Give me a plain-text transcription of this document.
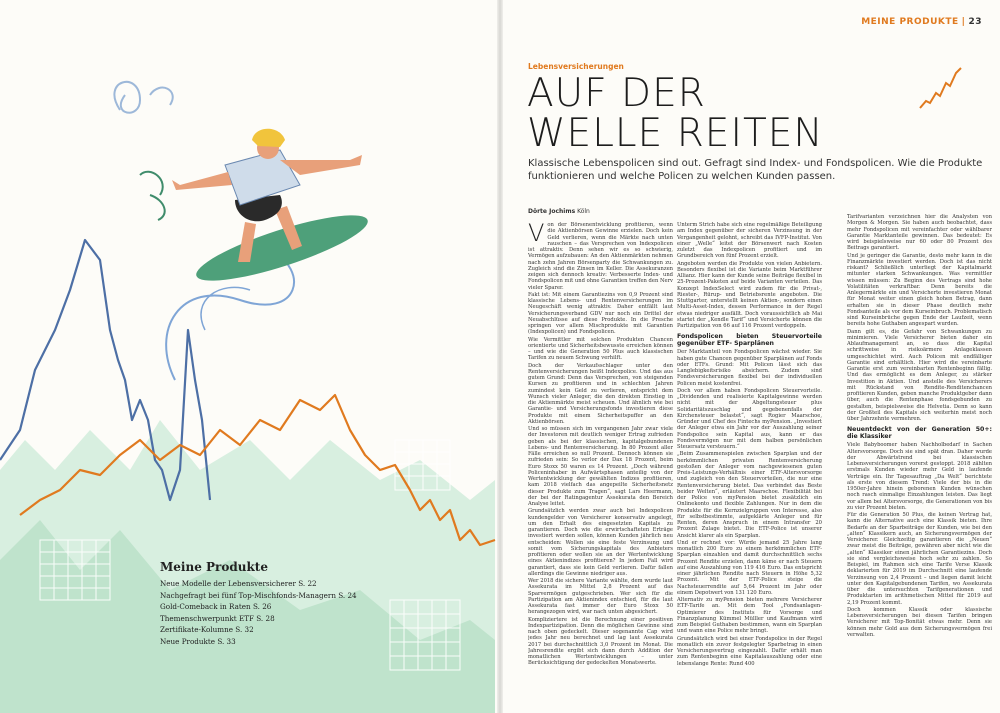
Meine Produkte
Neue Modelle der Lebensversicherer S. 22
Nachgefragt bei fünf Top-Mischfonds-Managern S. 24
Gold-Comeback in Raten S. 26
Themenschwerpunkt ETF S. 28
Zertifikate-Kolumne S. 32
Neue Produkte S. 33
MEINE PRODUKTE | 23
Lebensversicherungen
AUF DER
WELLE REITEN
Klassische Lebenspolicen sind out. Gefragt sind Index- und Fondspolicen. Wie die Produkte funktionieren und welche Policen zu welchen Kunden passen.
Dörte Jochims Köln
V on der Börsenentwicklung profitieren, wenn die Aktienbörsen Gewinne erzielen. Doch kein Geld verlieren, wenn die Märkte nach unten rauschen – das Versprechen von Indexpolicen ist attraktiv. Denn sehen wir es so schwierig, Vermögen aufzubauen: An den Aktienmärkten nehmen nach zehn Jahren Börsenparty die Schwankungen zu. Zugleich sind die Zinsen im Keller. Die Assekuranzen zeigen sich dennoch kreativ: Verbesserte Index- und Fondspolicen mit und ohne Garantien treffen den Nerv vieler Sparer.

Fakt ist: Mit einem Garantiezins von 0,9 Prozent sind klassische Lebens- und Rentenversicherungen im Neugeschäft wenig attraktiv. Daher entfällt laut Versicherungsverband GDV nur noch ein Drittel der Neuabschlüsse auf diese Produkte. In die Presche springen vor allem Mischprodukte mit Garantien (Indexpolicen) und Fondspolicen.

Wie Vermittler mit solchen Produkten Chancen orientierte und Sicherheitsbewusste erreichen können – und wie die Generation 50 Plus auch klassischen Tarifen zu neuem Schwung verhilft.

Doch der Verkaufsschlager unter den Rentenversicherungen heißt Indexpolice. Und das aus gutem Grund: Denn das Versprechen, von steigenden Kursen zu profitieren und in schlechten Jahren zumindest kein Geld zu verlieren, entspricht dem Wunsch vieler Anleger, die den direkten Einstieg in die Aktienmärkte meist scheuen. Und ähnlich wie bei Garantie- und Versicherungsfonds investieren diese Produkte mit einem Sicherheitspuffer an den Aktienbörsen.

Und so müssen sich im vergangenen Jahr zwar viele der Investoren mit deutlich weniger Ertrag zufrieden geben als bei der klassischen, kapitalgebundenen Lebens- und Rentenversicherung. In 80 Prozent aller Fälle erreichen so null Prozent. Dennoch können sie zufrieden sein: So verlor der Dax 18 Prozent, beim Euro Stoxx 50 waren es 14 Prozent. „Doch während Policeninhaber in Aufwärtsphasen anteilig von der Wertentwicklung der gewählten Indizes profitieren, kam 2018 vielfach das angepeilte Sicherheitsnetz dieser Produkte zum Tragen“, sagt Lars Heermann, der bei der Ratingagentur Assekurata den Bereich Analyse leitet.

Grundsätzlich werden zwar auch bei Indexpolicen kundengelder von Versicherer konservativ angelegt, um den Erhalt des eingesetzten Kapitals zu garantieren. Doch wie die erwirtschafteten Erträge investiert werden sollen, können Kunden jährlich neu entscheiden: Wollen sie eine feste Verzinsung und somit vom Sicherungskapitals des Anbieters profitieren oder wollen sie an der Wertentwicklung eines Aktienindizes profitieren? In jedem Fall wird garantiert, dass sie kein Geld verlieren. Dafür fallen allerdings die Gewinne niedriger aus.

Wer 2018 die sichere Variante wählte, dem wurde laut Assekurata im Mittel 2,8 Prozent auf das Sparvermögen gutgeschrieben. Wer sich für die Partizipation am Aktienindex entschied, für die laut Assekurata fast immer der Euro Stoxx 50 herangezogen wird, war nach unten abgesichert.

Kompliziertere ist die Berechnung einer positiven Indexpartizipation. Denn die möglichen Gewinne sind nach oben gedeckelt. Dieser sogenannte Cap wird jedes Jahr neu berechnet und lag laut Assekurata 2017 bei durchschnittlich 3,0 Prozent im Monat. Die Jahresrendite ergibt sich dann durch Addition der monatlichen Wertentwicklungen – unter Berücksichtigung der gedeckelten Monatswerte.

Unterm Strich habe sich eine regelmäßige Beteiligung am Index gegenüber der sicheren Verzinsung in der Vergangenheit gelohnt, schreibt das IVFP-Institut. Von einer „Welle“ leitet der Börsenwert nach Kosten zuletzt das Indexpolicen profitiert und im Grundbereich von fünf Prozent erzielt.

Angeboten werden die Produkte von vielen Anbietern. Besonders flexibel ist die Variante beim Marktführer Allianz. Hier kann der Kunde seine Beiträge flexibel in 25-Prozent-Paketen auf beide Varianten verteilen. Das Konzept IndexSelect wird zudem für die Privat-, Riester-, Rürup- und Betriebsrente angeboten. Die Stuttgarter, unterstellt keinen Aktien-, sondern einen Multi-Asset-Index, dessen Performance in der Regel etwas niedriger ausfällt. Doch voraussichtlich ab Mai startet der „Kendle Tarif“ und Versicherte können die Partizipation von 66 auf 116 Prozent verdoppeln.

Fondspolicen bieten Steuervorteile gegenüber ETF- Sparplänen

Der Marktanteil von Fondspolicen wächst wieder. Sie haben gute Chancen gegenüber Sparplänen auf Fonds oder ETFs. Grund: Mit Policen lässt sich das Langlebigkeitsrisiko absichern. Zudem sind Fondsversicherungen flexibel bei der individuellen Policen meist kostenfrei.

Doch vor allem haben Fondspolicen Steuervorteile. „Dividenden und realisierte Kapitalgewinne werden nicht mit der Abgeltungsteuer plus Solidaritätszuschlag und gegebenenfalls der Kirchensteuer belastet“, sagt Rogier Maarschoe, Gründer und Chef des Fintechs myPension. „Investiert der Anleger etwa ein Jahr vor der Auszahlung seiner Fondspolice sein Kapital aus, kann er das Fondsvermögen nur mit dem halben persönlichen Steuersatz versteuern.“

„Beim Zusammenspielen zwischen Sparplan und der herkömmlichen privaten Rentenversicherung gestoßen der Anleger vom nachgewiesenen guten Preis-Leistungs-Verhältnis einer ETF-Altersvorsorge und zugleich von den Steuervorteilen, die nur eine Rentenversicherung bietet. Das verbindet das Beste beider Welten“, erläutert Maarschoe. Flexibilität bei der Police von myPension bietet zusätzlich ein Onlinekonto und flexible Zahlungen. Nur in dem die Produkte für die Kernzielgruppen von Interesse, also für selbstbestimmte, aufgeklärte Anleger und für Renten, deren Anspruch in einem Intransfer 20 Prozent Zulage bietet. Die ETF-Police ist unserer Ansicht klarer als ein Sparplan.

Und er rechnet vor: Würde jemand 25 Jahre lang monatlich 200 Euro zu einem herkömmlichen ETF-Sparplan einzahlen und damit durchschnittlich sechs Prozent Rendite erzielen, dann käme er nach Steuern auf eine Auszahlung von 119 416 Euro. Das entspricht einer jährlichen Rendite nach Steuern in Höhe 5,32 Prozent. Mit der ETF-Police steige die Nachsteuerrendite auf 5,64 Prozent im Jahr oder einem Depotwert von 131 120 Euro.

Alternativ zu myPension bieten mehrere Versicherer ETF-Tarife an. Mit dem Tool „Fondsanlagen-Optimierer des Instituts für Vorsorge und Finanzplanung Kümmel Mülller und Kaufmann wird zum Beispiel Guthaben bestimmen, wann ein Sparplan und wann eine Police mehr bringt.

Grundsätzlich wird bei einer Fondspolice in der Regel monatlich ein zuvor festgelegter Sparbetrag in einen Versicherungsvertrag eingezahlt. Dafür erhält man zum Rentenbeginn eine Kapitalauszahlung oder eine lebenslange Rente: Rund 400

Tarifvarianten verzeichnen hier die Analysten von Morgen & Morgen. Sie haben auch beobachtet, dass mehr Fondspolicen mit vereinfachter oder wählbarer Garantie Marktanteile gewinnen. Das bedeutet: Es wird beispielsweise nur 60 oder 80 Prozent des Beitrags garantiert.

Und je geringer die Garantie, desto mehr kann in die Finanzmärkte investiert werden. Doch ist das nicht riskant? Schließlich unterliegt der Kapitalmarkt mitunter starken Schwankungen. Was vermittler wissen müssen: Zu Beginn des Vertrags sind hohe Volatilitäten verkraftbar. Denn bereits die Anlegermärkte ein und Versicherte investieren Monat für Monat weiter einen gleich hohen Betrag, dann erhalten sie in dieser Phase deutlich mehr Fondsanteile als vor dem Kurseinbruch. Problematisch sind Kurseinbrüche gegen Ende der Laufzeit, wenn bereits hohe Guthaben angespart wurden.

Dann gilt es, die Gefahr von Schwankungen zu minimieren. Viele Versicherer bieten daher ein Ablaufmanagement an, so dass die Kapital schrittweise in risikoärmere Anlageklassen umgeschichtet wird. Auch Policen mit endfälliger Garantie sind erhältlich. Hier wird die vereinbarte Garantie erst zum vereinbarten Rentenbeginn fällig. Und das ermöglicht es dem Anleger, zu stärker Investition in Aktien. Und anstelle des Versicherers mit Rückstand von Rendite-Renditenchancen profitieren Kunden, geben manche Produktgeber dann über, auch die Rentenphase fondsgebunden zu gestalten, beispielsweise die Helvetia. Denn so kann der Großteil des Kapitals sich weiterhin meist noch über Jahrzehnte vermehren.

Neuentdeckt von der Generation 50+: die Klassiker

Viele Babyboomer haben Nachholbedarf in Sachen Altersvorsorge. Doch sie sind spät dran. Daher wurde der Abwärtstrend bei klassischen Lebensversicherungen vorerst gestoppt. 2018 zählten erstmals Kunden wieder mehr Geld in laufende Verträge ein. Ihr Tagesauftrag „Da Welt“ berichtete als erste von diesem Trend: Viele der bis in die 1950er-Jahre hinein geborenen Kunden wünschen noch rasch einmalige Einzahlungen leisten. Das liegt vor allem bei Altersvorsorge, die Generationen von bis zu vier Prozent bieten.

Für die Generation 50 Plus, die keinen Vertrag hat, kann die Alternative auch eine Klassik bieten. Ihre Bedarfe an der Sparbeiträge der Kunden, wie bei den „alten“ Klassikern auch, an Sicherungsvermögen der Versicherer. Gleichzeitig garantieren die „Neuen“ zwar meist die Beiträge, gewähren aber nicht wie die „alten“ Klassiker einen jährlichen Garantiezins. Doch sie sind vergleichsweise hoch sehr zu zahlen. So Beispiel, im Rahmen sich eine Tarife Verse Klassik deklarierten für 2019 im Durchschnitt eine laufende Verzinsung von 2,4 Prozent – und liegen damit leicht unter den Kapitalgebundenen Tarifen, wo Assekurata über die untersuchten Tarifgenerationen und Produktarten im arithmetischen Mittel für 2019 auf 2,19 Prozent kommt.

Doch kommen Klassik oder klassische Lebensversicherungen bei diesen Tarifen bringen Versicherer mit Top-Bonität etwas mehr. Denn sie können mehr Gold aus dem Sicherungsvermögen frei verwalten.
